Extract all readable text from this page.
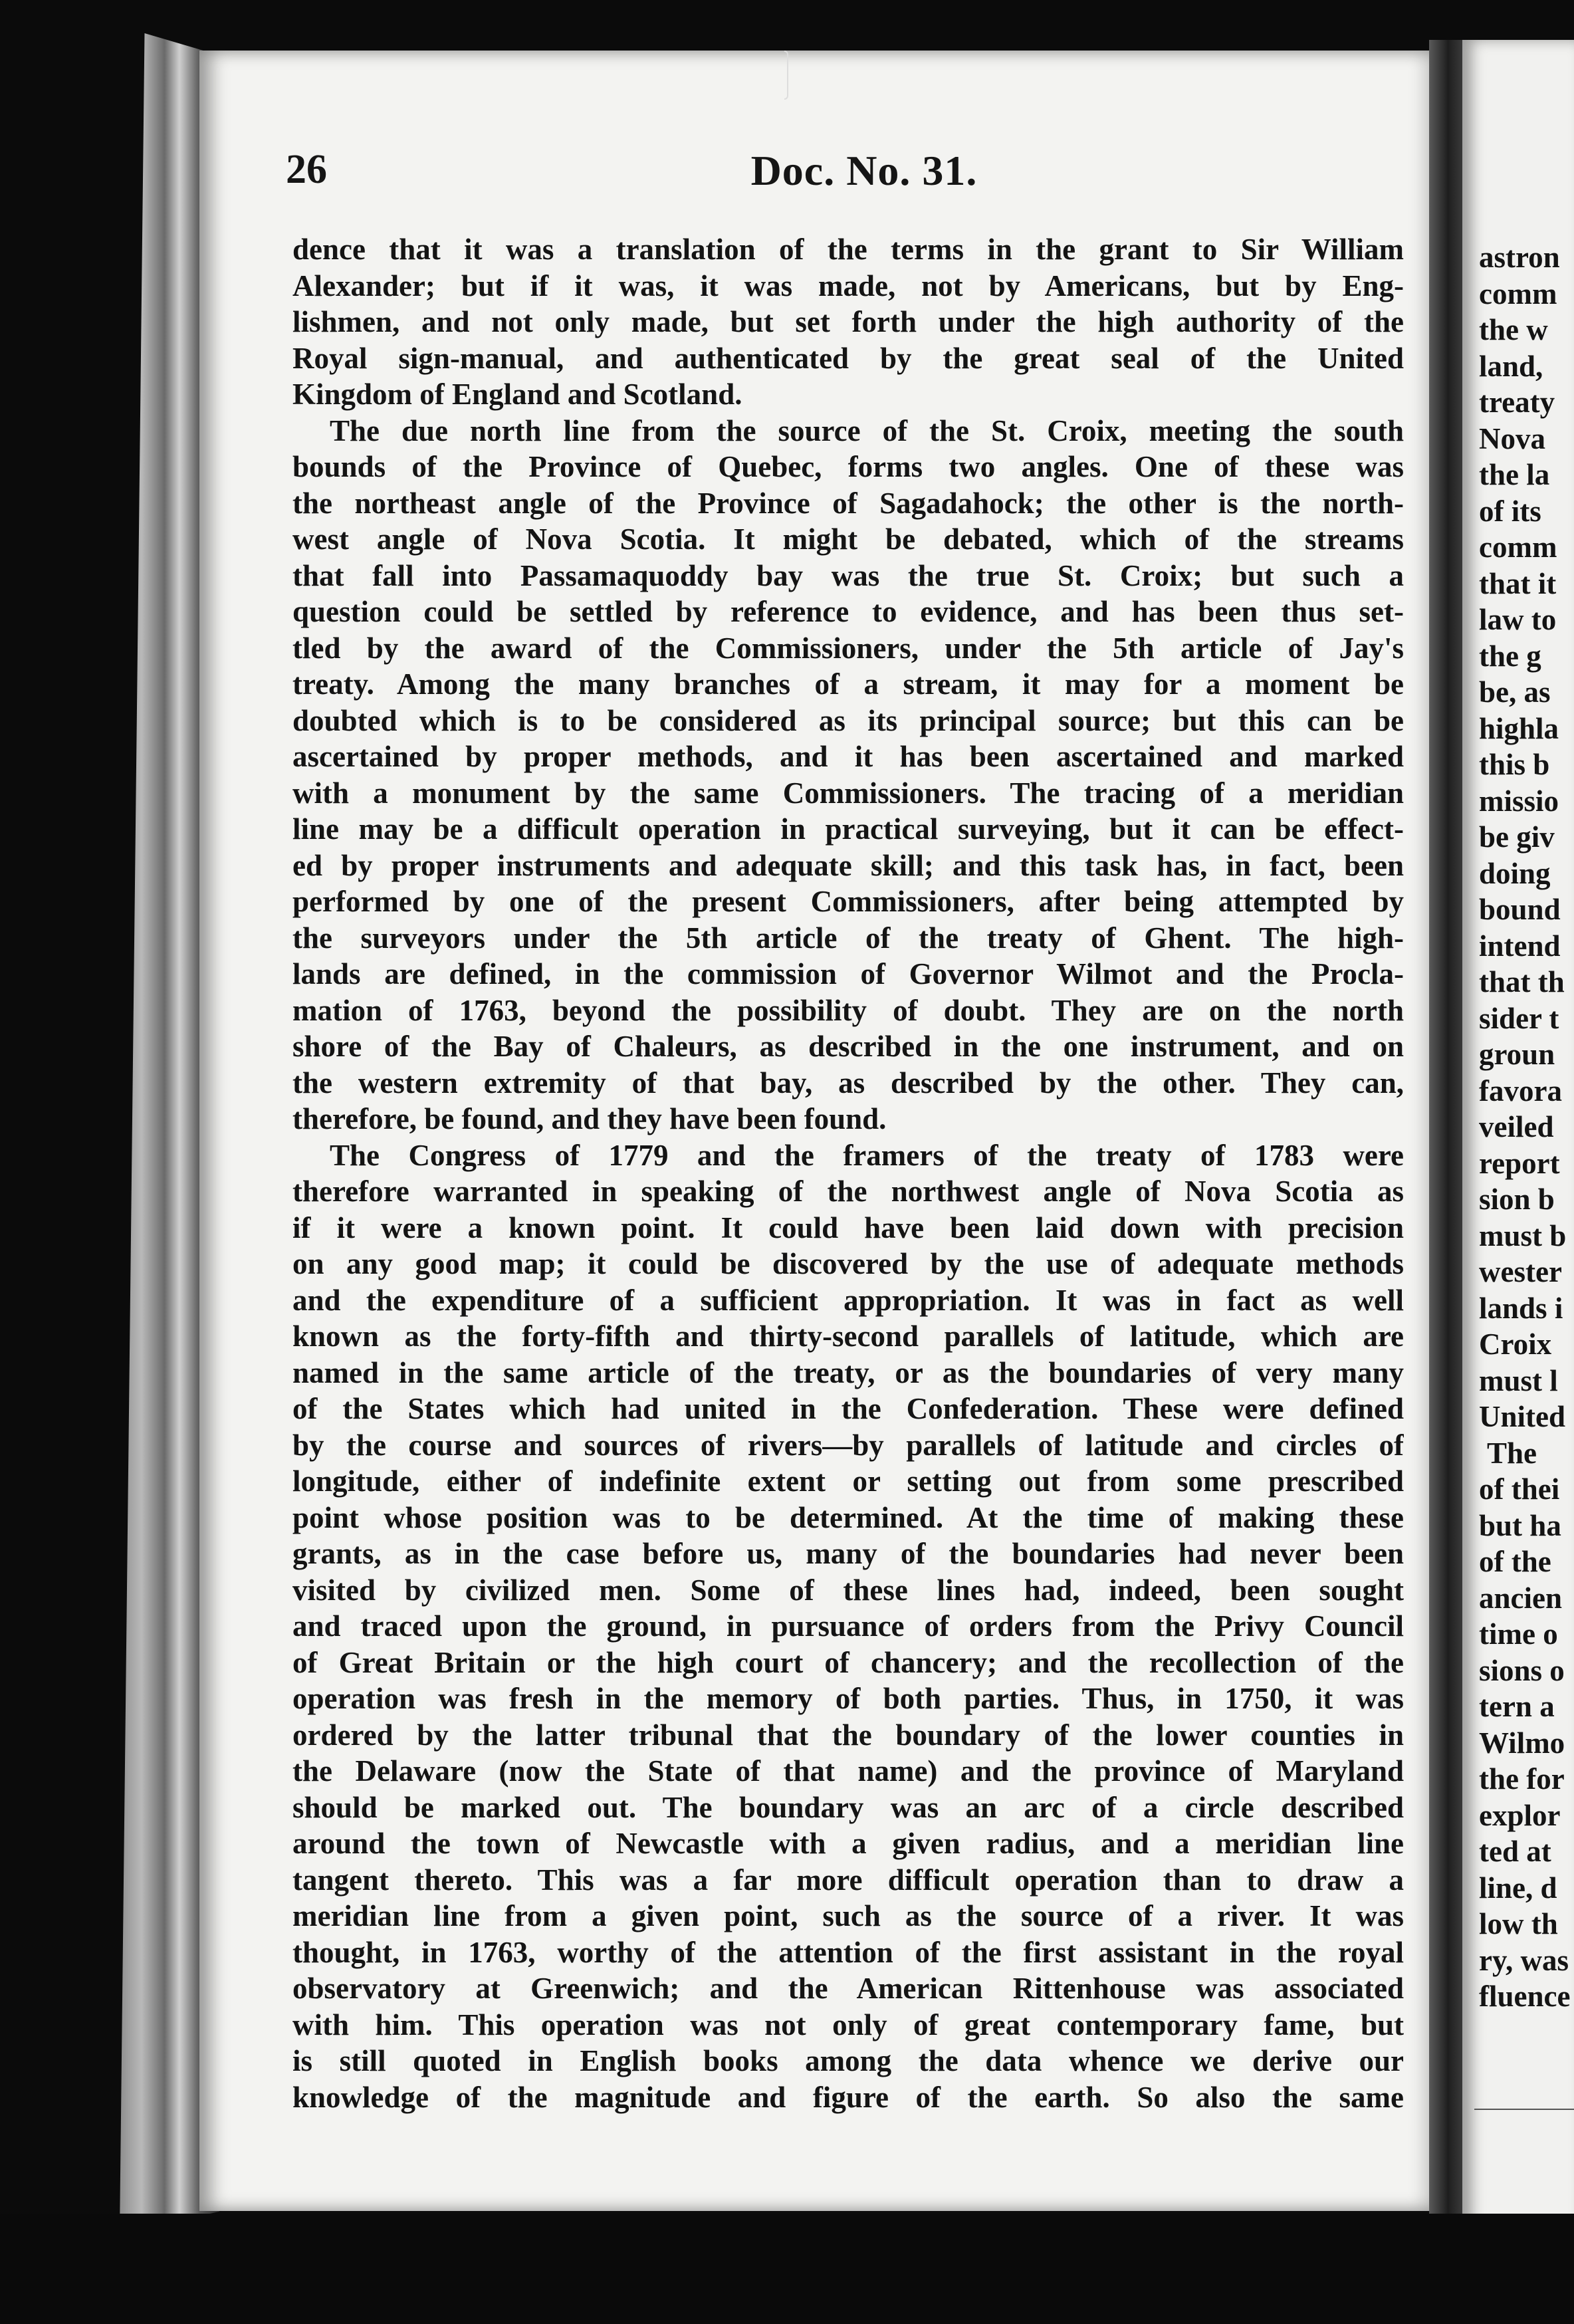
26	Doc. No. 31.
dence that it was a translation of the terms in the grant to Sir William
Alexander; but if it was, it was made, not by Americans, but by Eng-
lishmen, and not only made, but set forth under the high authority of the
Royal sign-manual, and authenticated by the great seal of the United
Kingdom of England and Scotland.
The due north line from the source of the St. Croix, meeting the south
bounds of the Province of Quebec, forms two angles. One of these was
the northeast angle of the Province of Sagadahock; the other is the north-
west angle of Nova Scotia. It might be debated, which of the streams
that fall into Passamaquoddy bay was the true St. Croix; but such a
question could be settled by reference to evidence, and has been thus set-
tled by the award of the Commissioners, under the 5th article of Jay's
treaty. Among the many branches of a stream, it may for a moment be
doubted which is to be considered as its principal source; but this can be
ascertained by proper methods, and it has been ascertained and marked
with a monument by the same Commissioners. The tracing of a meridian
line may be a difficult operation in practical surveying, but it can be effect-
ed by proper instruments and adequate skill; and this task has, in fact, been
performed by one of the present Commissioners, after being attempted by
the surveyors under the 5th article of the treaty of Ghent. The high-
lands are defined, in the commission of Governor Wilmot and the Procla-
mation of 1763, beyond the possibility of doubt. They are on the north
shore of the Bay of Chaleurs, as described in the one instrument, and on
the western extremity of that bay, as described by the other. They can,
therefore, be found, and they have been found.
The Congress of 1779 and the framers of the treaty of 1783 were
therefore warranted in speaking of the northwest angle of Nova Scotia as
if it were a known point. It could have been laid down with precision
on any good map; it could be discovered by the use of adequate methods
and the expenditure of a sufficient appropriation. It was in fact as well
known as the forty-fifth and thirty-second parallels of latitude, which are
named in the same article of the treaty, or as the boundaries of very many
of the States which had united in the Confederation. These were defined
by the course and sources of rivers—by parallels of latitude and circles of
longitude, either of indefinite extent or setting out from some prescribed
point whose position was to be determined. At the time of making these
grants, as in the case before us, many of the boundaries had never been
visited by civilized men. Some of these lines had, indeed, been sought
and traced upon the ground, in pursuance of orders from the Privy Council
of Great Britain or the high court of chancery; and the recollection of the
operation was fresh in the memory of both parties. Thus, in 1750, it was
ordered by the latter tribunal that the boundary of the lower counties in
the Delaware (now the State of that name) and the province of Maryland
should be marked out. The boundary was an arc of a circle described
around the town of Newcastle with a given radius, and a meridian line
tangent thereto. This was a far more difficult operation than to draw a
meridian line from a given point, such as the source of a river. It was
thought, in 1763, worthy of the attention of the first assistant in the royal
observatory at Greenwich; and the American Rittenhouse was associated
with him. This operation was not only of great contemporary fame, but
is still quoted in English books among the data whence we derive our
knowledge of the magnitude and figure of the earth. So also the same
astron
comm
the w
land,
treaty
Nova
the la
of its
comm
that it
law to
the g
be, as
highla
this b
missio
be giv
doing
bound
intend
that th
sider t
groun
favora
veiled
report
sion b
must b
wester
lands i
Croix
must l
United
The
of thei
but ha
of the
ancien
time o
sions o
tern a
Wilmo
the for
explor
ted at
line, d
low th
ry, was
fluence
